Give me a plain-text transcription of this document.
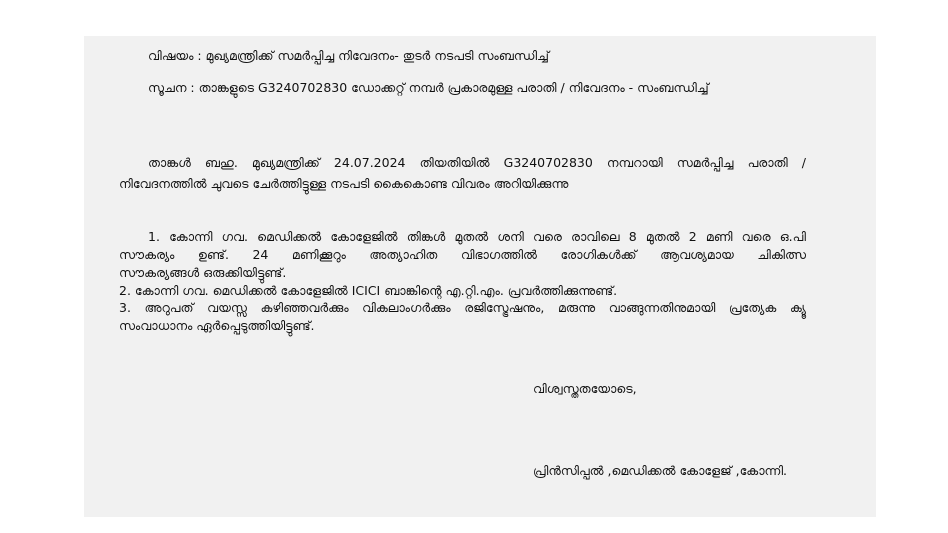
വിഷയം : മുഖ്യമന്ത്രിക്ക് സമർപ്പിച്ച നിവേദനം- തുടർ നടപടി സംബന്ധിച്ച്
സൂചന : താങ്കളുടെ G3240702830 ഡോക്കറ്റ് നമ്പർ പ്രകാരമുള്ള പരാതി / നിവേദനം - സംബന്ധിച്ച്
താങ്കൾ ബഹു. മുഖ്യമന്ത്രിക്ക് 24.07.2024 തിയതിയിൽ G3240702830 നമ്പറായി സമർപ്പിച്ച പരാതി /
നിവേദനത്തിൽ ചുവടെ ചേർത്തിട്ടുള്ള നടപടി കൈകൊണ്ട വിവരം അറിയിക്കുന്നു
1. കോന്നി ഗവ. മെഡിക്കൽ കോളേജിൽ തിങ്കൾ മുതൽ ശനി വരെ രാവിലെ 8 മുതൽ 2 മണി വരെ ഒ.പി
സൗകര്യം ഉണ്ട്. 24 മണിക്കൂറും അത്യാഹിത വിഭാഗത്തിൽ രോഗികൾക്ക് ആവശ്യമായ ചികിത്സ
സൗകര്യങ്ങൾ ഒരുക്കിയിട്ടുണ്ട്.
2. കോന്നി ഗവ. മെഡിക്കൽ കോളേജിൽ ICICI ബാങ്കിന്റെ എ.റ്റി.എം. പ്രവർത്തിക്കുന്നുണ്ട്.
3. അറുപത് വയസ്സ കഴിഞ്ഞവർക്കും വികലാംഗർക്കും രജിസ്ട്രേഷനും, മരുന്നു വാങ്ങുന്നതിനുമായി പ്രത്യേക ക്യൂ
സംവാധാനം ഏർപ്പെടുത്തിയിട്ടുണ്ട്.
വിശ്വസ്തതയോടെ,
പ്രിൻസിപ്പൽ ,മെഡിക്കൽ കോളേജ് ,കോന്നി.
